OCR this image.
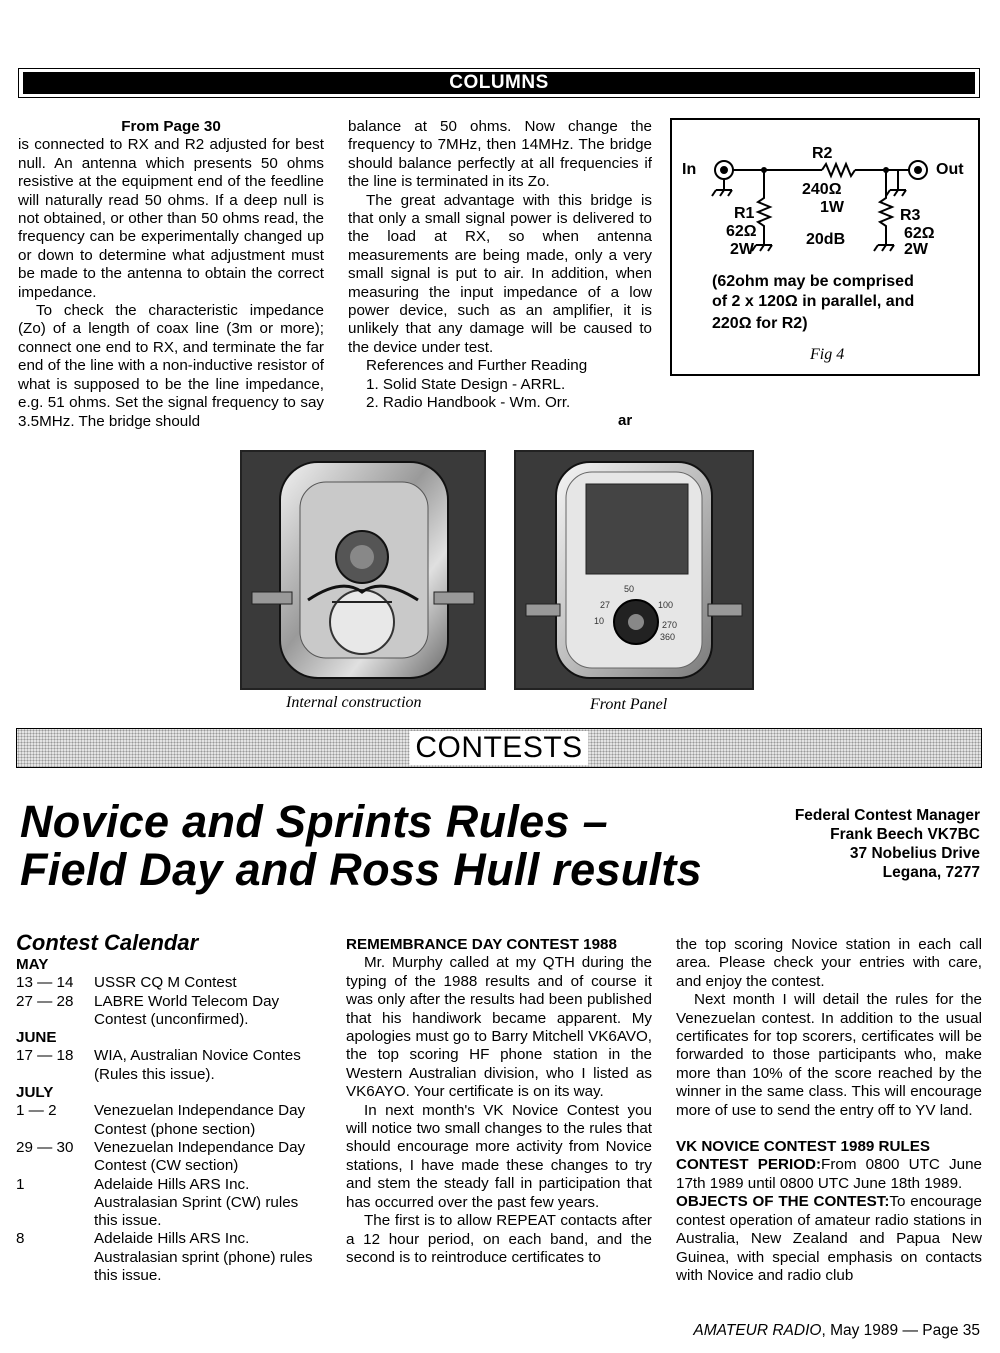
COLUMNS

From Page 30

is connected to RX and R2 adjusted for best null. An antenna which presents 50 ohms resistive at the equipment end of the feedline will naturally read 50 ohms. If a deep null is not obtained, or other than 50 ohms read, the frequency can be experimentally changed up or down to determine what adjustment must be made to the antenna to obtain the correct impedance.

To check the characteristic impedance (Zo) of a length of coax line (3m or more); connect one end to RX, and terminate the far end of the line with a non-inductive resistor of what is supposed to be the line impedance, e.g. 51 ohms. Set the signal frequency to say 3.5MHz. The bridge should

balance at 50 ohms. Now change the frequency to 7MHz, then 14MHz. The bridge should balance perfectly at all frequencies if the line is terminated in its Zo.

The great advantage with this bridge is that only a small signal power is delivered to the load at RX, so when antenna measurements are being made, only a very small signal is put to air. In addition, when measuring the input impedance of a low power device, such as an amplifier, it is unlikely that any damage will be caused to the device under test.

References and Further Reading

1. Solid State Design - ARRL.

2. Radio Handbook - Wm. Orr.

ar
In	Out
R2
240Ω
1W
R1
62Ω
2W
20dB
R3
62Ω
2W
(62ohm may be comprised
of 2 x 120Ω in parallel, and
220Ω for R2)
Fig 4
50
27	100
10	270
360
Internal construction	Front Panel
CONTESTS
Novice and Sprints Rules –
Field Day and Ross Hull results
Federal Contest Manager
Frank Beech VK7BC
37 Nobelius Drive
Legana, 7277
Contest Calendar
MAY
13 — 14	USSR CQ M Contest
27 — 28	LABRE World Telecom Day Contest (unconfirmed).
JUNE
17 — 18	WIA, Australian Novice Contes (Rules this issue).
JULY
1 — 2	Venezuelan Independance Day Contest (phone section)
29 — 30	Venezuelan Independance Day Contest (CW section)
1	Adelaide Hills ARS Inc. Australasian Sprint (CW) rules this issue.
8	Adelaide Hills ARS Inc. Australasian sprint (phone) rules this issue.

REMEMBRANCE DAY CONTEST 1988

Mr. Murphy called at my QTH during the typing of the 1988 results and of course it was only after the results had been published that his handiwork became apparent. My apologies must go to Barry Mitchell VK6AVO, the top scoring HF phone station in the Western Australian division, who I listed as VK6AYO. Your certificate is on its way.

In next month's VK Novice Contest you will notice two small changes to the rules that should encourage more activity from Novice stations, I have made these changes to try and stem the steady fall in participation that has occurred over the past few years.

The first is to allow REPEAT contacts after a 12 hour period, on each band, and the second is to reintroduce certificates to

the top scoring Novice station in each call area. Please check your entries with care, and enjoy the contest.

Next month I will detail the rules for the Venezuelan contest. In addition to the usual certificates for top scorers, certificates will be forwarded to those participants who, make more than 10% of the score reached by the winner in the same class. This will encourage more of use to send the entry off to YV land.

VK NOVICE CONTEST 1989 RULES

CONTEST PERIOD:From 0800 UTC June 17th 1989 until 0800 UTC June 18th 1989.

OBJECTS OF THE CONTEST:To encourage contest operation of amateur radio stations in Australia, New Zealand and Papua New Guinea, with special emphasis on contacts with Novice and radio club

AMATEUR RADIO, May 1989 — Page 35
